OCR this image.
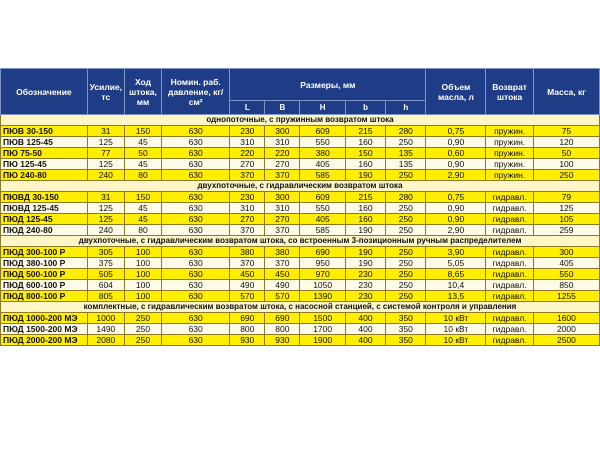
Обозначение	Усилие, тс	Ход штока, мм	Номин. раб. давление, кг/см²	Размеры, мм					Объем масла, л	Возврат штока	Масса, кг
				L	B	H	b	h			
однопоточные, с пружинным возвратом штока											
ПЮВ 30-150	31	150	630	230	300	609	215	280	0,75	пружин.	75
ПЮВ 125-45	125	45	630	310	310	550	160	250	0,90	пружин.	120
ПЮ 75-50	77	50	630	220	220	380	150	135	0,60	пружин.	50
ПЮ 125-45	125	45	630	270	270	405	160	135	0,90	пружин.	100
ПЮ 240-80	240	80	630	370	370	585	190	250	2,90	пружин.	250
двухпоточные, с гидравлическим возвратом штока											
ПЮВД 30-150	31	150	630	230	300	609	215	280	0,75	гидравл.	79
ПЮВД 125-45	125	45	630	310	310	550	160	250	0,90	гидравл.	125
ПЮД 125-45	125	45	630	270	270	405	160	250	0,90	гидравл.	105
ПЮД 240-80	240	80	630	370	370	585	190	250	2,90	гидравл.	259
двухпоточные, с гидравлическим возвратом штока, со встроенным 3-позиционным ручным распределителем											
ПЮД 300-100 Р	305	100	630	380	380	690	190	250	3,90	гидравл.	300
ПЮД 380-100 Р	375	100	630	370	370	950	190	250	5,05	гидравл.	405
ПЮД 500-100 Р	505	100	630	450	450	970	230	250	8,65	гидравл.	550
ПЮД 600-100 Р	604	100	630	490	490	1050	230	250	10,4	гидравл.	850
ПЮД 800-100 Р	805	100	630	570	570	1390	230	250	13,5	гидравл.	1255
комплектные, с гидравлическим возвратом штока, с насосной станцией, с системой контроля и управления											
ПЮД 1000-200 МЭ	1000	250	630	690	690	1500	400	350	10 кВт	гидравл.	1600
ПЮД 1500-200 МЭ	1490	250	630	800	800	1700	400	350	10 кВт	гидравл.	2000
ПЮД 2000-200 МЭ	2080	250	630	930	930	1900	400	350	10 кВт	гидравл.	2500
